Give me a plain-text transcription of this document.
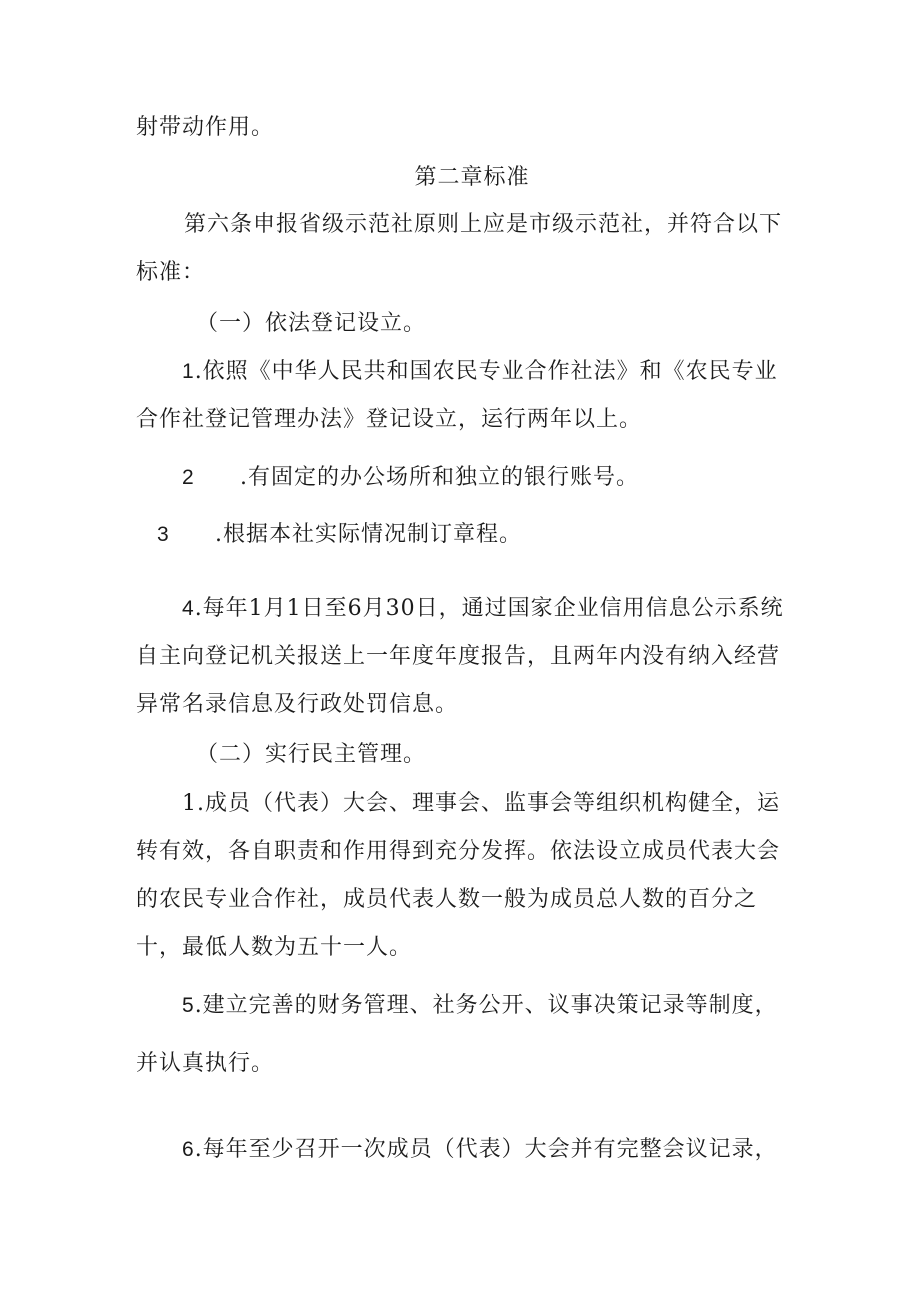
射带动作用。
第二章标准
第六条申报省级示范社原则上应是市级示范社，并符合以下
标准：
（一）依法登记设立。
1.依照《中华人民共和国农民专业合作社法》和《农民专业
合作社登记管理办法》登记设立，运行两年以上。
2 .有固定的办公场所和独立的银行账号。
3 .根据本社实际情况制订章程。
4.每年1月1日至6月30日，通过国家企业信用信息公示系统
自主向登记机关报送上一年度年度报告，且两年内没有纳入经营
异常名录信息及行政处罚信息。
（二）实行民主管理。
1.成员（代表）大会、理事会、监事会等组织机构健全，运
转有效，各自职责和作用得到充分发挥。依法设立成员代表大会
的农民专业合作社，成员代表人数一般为成员总人数的百分之
十，最低人数为五十一人。
5.建立完善的财务管理、社务公开、议事决策记录等制度，
并认真执行。
6.每年至少召开一次成员（代表）大会并有完整会议记录，
